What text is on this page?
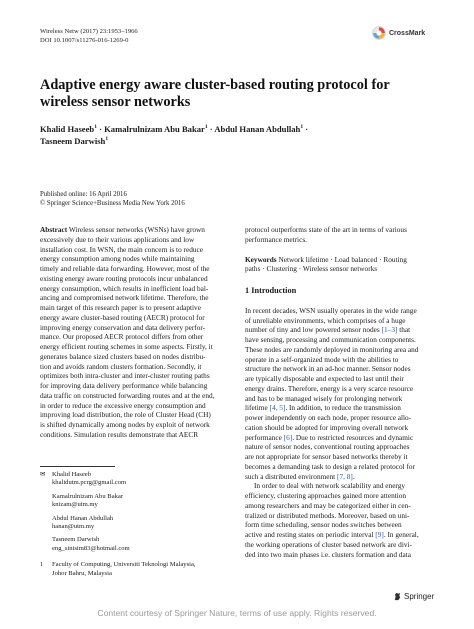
Wireless Netw (2017) 23:1953–1966
DOI 10.1007/s11276-016-1269-0
CrossMark
Adaptive energy aware cluster-based routing protocol for wireless sensor networks
Khalid Haseeb$^1$ · Kamalrulnizam Abu Bakar$^1$ · Abdul Hanan Abdullah$^1$ ·
Tasneem Darwish$^1$
Published online: 16 April 2016
© Springer Science+Business Media New York 2016
Abstract Wireless sensor networks (WSNs) have grown
excessively due to their various applications and low
installation cost. In WSN, the main concern is to reduce
energy consumption among nodes while maintaining
timely and reliable data forwarding. However, most of the
existing energy aware routing protocols incur unbalanced
energy consumption, which results in inefficient load bal-
ancing and compromised network lifetime. Therefore, the
main target of this research paper is to present adaptive
energy aware cluster-based routing (AECR) protocol for
improving energy conservation and data delivery perfor-
mance. Our proposed AECR protocol differs from other
energy efficient routing schemes in some aspects. Firstly, it
generates balance sized clusters based on nodes distribu-
tion and avoids random clusters formation. Secondly, it
optimizes both intra-cluster and inter-cluster routing paths
for improving data delivery performance while balancing
data traffic on constructed forwarding routes and at the end,
in order to reduce the excessive energy consumption and
improving load distribution, the role of Cluster Head (CH)
is shifted dynamically among nodes by exploit of network
conditions. Simulation results demonstrate that AECR
protocol outperforms state of the art in terms of various
performance metrics.
Keywords Network lifetime · Load balanced · Routing
paths · Clustering · Wireless sensor networks
1 Introduction
In recent decades, WSN usually operates in the wide range
of unreliable environments, which comprises of a huge
number of tiny and low powered sensor nodes [1–3] that
have sensing, processing and communication components.
These nodes are randomly deployed in monitoring area and
operate in a self-organized mode with the abilities to
structure the network in an ad-hoc manner. Sensor nodes
are typically disposable and expected to last until their
energy drains. Therefore, energy is a very scarce resource
and has to be managed wisely for prolonging network
lifetime [4, 5]. In addition, to reduce the transmission
power independently on each node, proper resource allo-
cation should be adopted for improving overall network
performance [6]. Due to restricted resources and dynamic
nature of sensor nodes, conventional routing approaches
are not appropriate for sensor based networks thereby it
becomes a demanding task to design a related protocol for
such a distributed environment [7, 8].
In order to deal with network scalability and energy
efficiency, clustering approaches gained more attention
among researchers and may be categorized either in cen-
tralized or distributed methods. Moreover, based on uni-
form time scheduling, sensor nodes switches between
active and resting states on periodic interval [9]. In general,
the working operations of cluster based network are divi-
ded into two main phases i.e. clusters formation and data
✉ Khalid Haseeb
khalidutm.pcrg@gmail.com
Kamalrulnizam Abu Bakar
knizam@utm.my
Abdul Hanan Abdullah
hanan@utm.my
Tasneem Darwish
eng_sinisim83@hotmail.com
1	Faculty of Computing, Universiti Teknologi Malaysia,
Johor Bahru, Malaysia
Springer
Content courtesy of Springer Nature, terms of use apply. Rights reserved.
